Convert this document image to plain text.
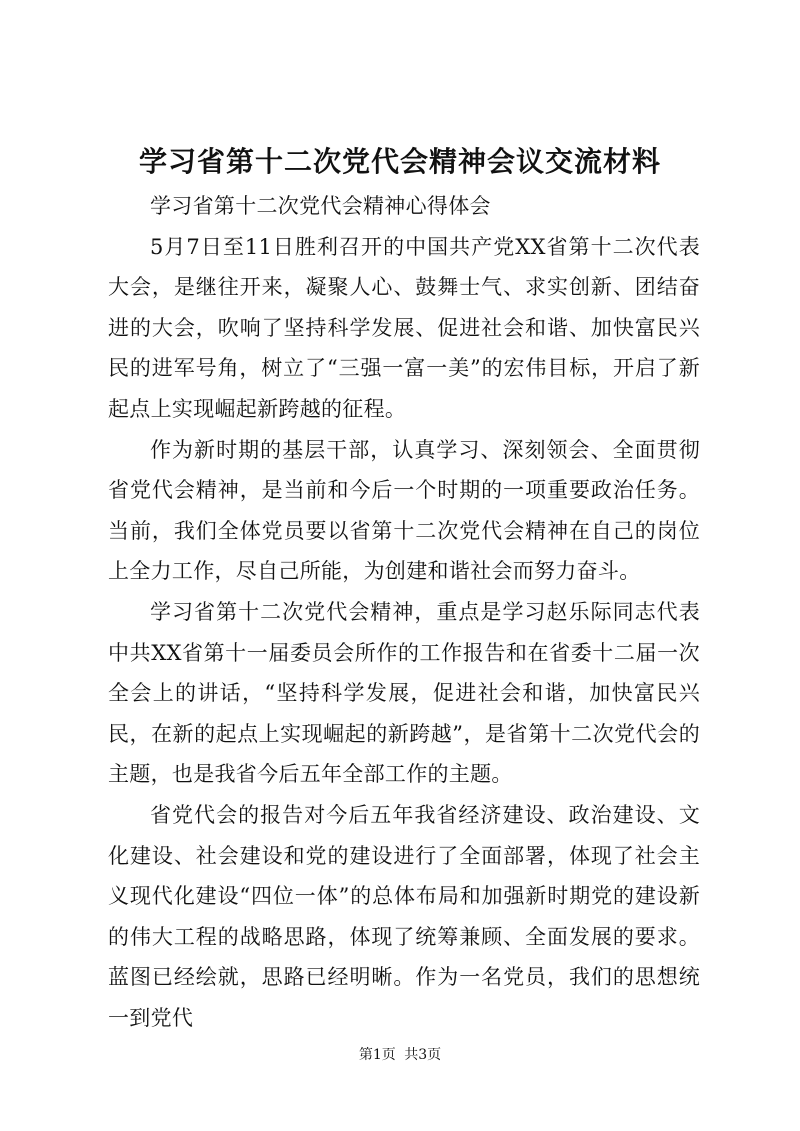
学习省第十二次党代会精神会议交流材料

学习省第十二次党代会精神心得体会

5月7日至11日胜利召开的中国共产党XX省第十二次代表大会，是继往开来，凝聚人心、鼓舞士气、求实创新、团结奋进的大会，吹响了坚持科学发展、促进社会和谐、加快富民兴民的进军号角，树立了“三强一富一美”的宏伟目标，开启了新起点上实现崛起新跨越的征程。

作为新时期的基层干部，认真学习、深刻领会、全面贯彻省党代会精神，是当前和今后一个时期的一项重要政治任务。当前，我们全体党员要以省第十二次党代会精神在自己的岗位上全力工作，尽自己所能，为创建和谐社会而努力奋斗。

学习省第十二次党代会精神，重点是学习赵乐际同志代表中共XX省第十一届委员会所作的工作报告和在省委十二届一次全会上的讲话，“坚持科学发展，促进社会和谐，加快富民兴民，在新的起点上实现崛起的新跨越”，是省第十二次党代会的主题，也是我省今后五年全部工作的主题。

省党代会的报告对今后五年我省经济建设、政治建设、文化建设、社会建设和党的建设进行了全面部署，体现了社会主义现代化建设“四位一体”的总体布局和加强新时期党的建设新的伟大工程的战略思路，体现了统筹兼顾、全面发展的要求。蓝图已经绘就，思路已经明晰。作为一名党员，我们的思想统一到党代

第1页 共3页
